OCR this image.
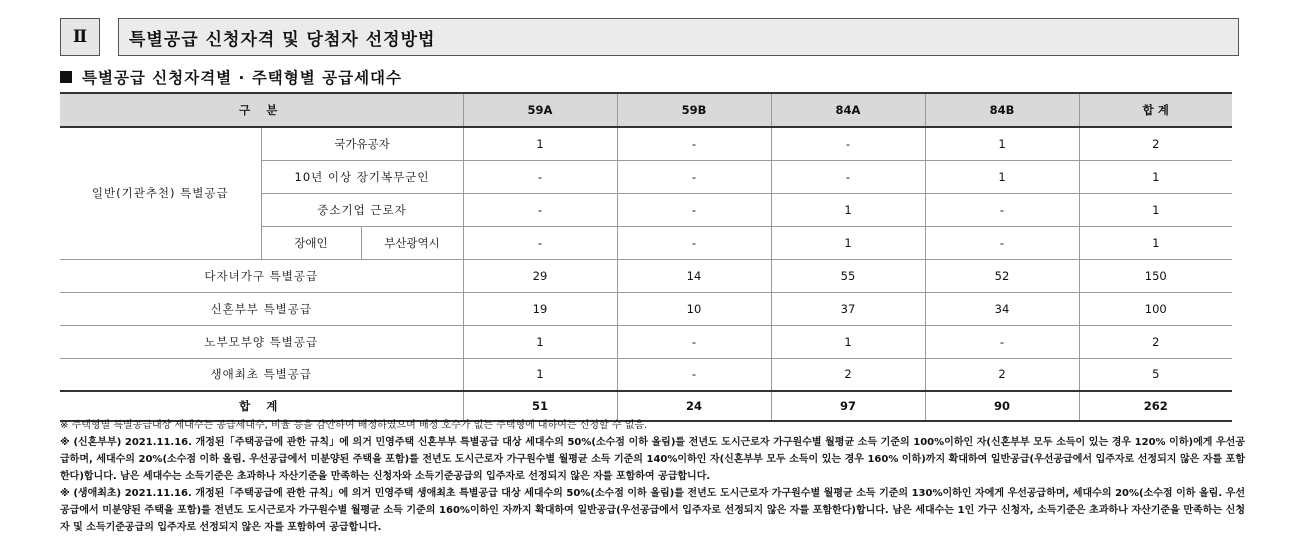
Ⅱ	특별공급 신청자격 및 당첨자 선정방법
특별공급 신청자격별 · 주택형별 공급세대수
구 분			59A	59B	84A	84B	합 계
일반(기관추천) 특별공급	국가유공자		1	-	-	1	2
	10년 이상 장기복무군인		-	-	-	1	1
	중소기업 근로자		-	-	1	-	1
	장애인	부산광역시	-	-	1	-	1
다자녀가구 특별공급			29	14	55	52	150
신혼부부 특별공급			19	10	37	34	100
노부모부양 특별공급			1	-	1	-	2
생애최초 특별공급			1	-	2	2	5
합 계			51	24	97	90	262

※ 주택형별 특별공급대상 세대수는 공급세대수, 비율 등을 감안하여 배정하였으며 배정 호수가 없는 주택형에 대하여는 신청할 수 없음.

※ (신혼부부) 2021.11.16. 개정된「주택공급에 관한 규칙」에 의거 민영주택 신혼부부 특별공급 대상 세대수의 50%(소수점 이하 올림)를 전년도 도시근로자 가구원수별 월평균 소득 기준의 100%이하인 자(신혼부부 모두 소득이 있는 경우 120% 이하)에게 우선공급하며, 세대수의 20%(소수점 이하 올림. 우선공급에서 미분양된 주택을 포함)를 전년도 도시근로자 가구원수별 월평균 소득 기준의 140%이하인 자(신혼부부 모두 소득이 있는 경우 160% 이하)까지 확대하여 일반공급(우선공급에서 입주자로 선정되지 않은 자를 포함한다)합니다. 남은 세대수는 소득기준은 초과하나 자산기준을 만족하는 신청자와 소득기준공급의 입주자로 선정되지 않은 자를 포함하여 공급합니다.

※ (생애최초) 2021.11.16. 개정된「주택공급에 관한 규칙」에 의거 민영주택 생애최초 특별공급 대상 세대수의 50%(소수점 이하 올림)를 전년도 도시근로자 가구원수별 월평균 소득 기준의 130%이하인 자에게 우선공급하며, 세대수의 20%(소수점 이하 올림. 우선공급에서 미분양된 주택을 포함)를 전년도 도시근로자 가구원수별 월평균 소득 기준의 160%이하인 자까지 확대하여 일반공급(우선공급에서 입주자로 선정되지 않은 자를 포함한다)합니다. 남은 세대수는 1인 가구 신청자, 소득기준은 초과하나 자산기준을 만족하는 신청자 및 소득기준공급의 입주자로 선정되지 않은 자를 포함하여 공급합니다.
